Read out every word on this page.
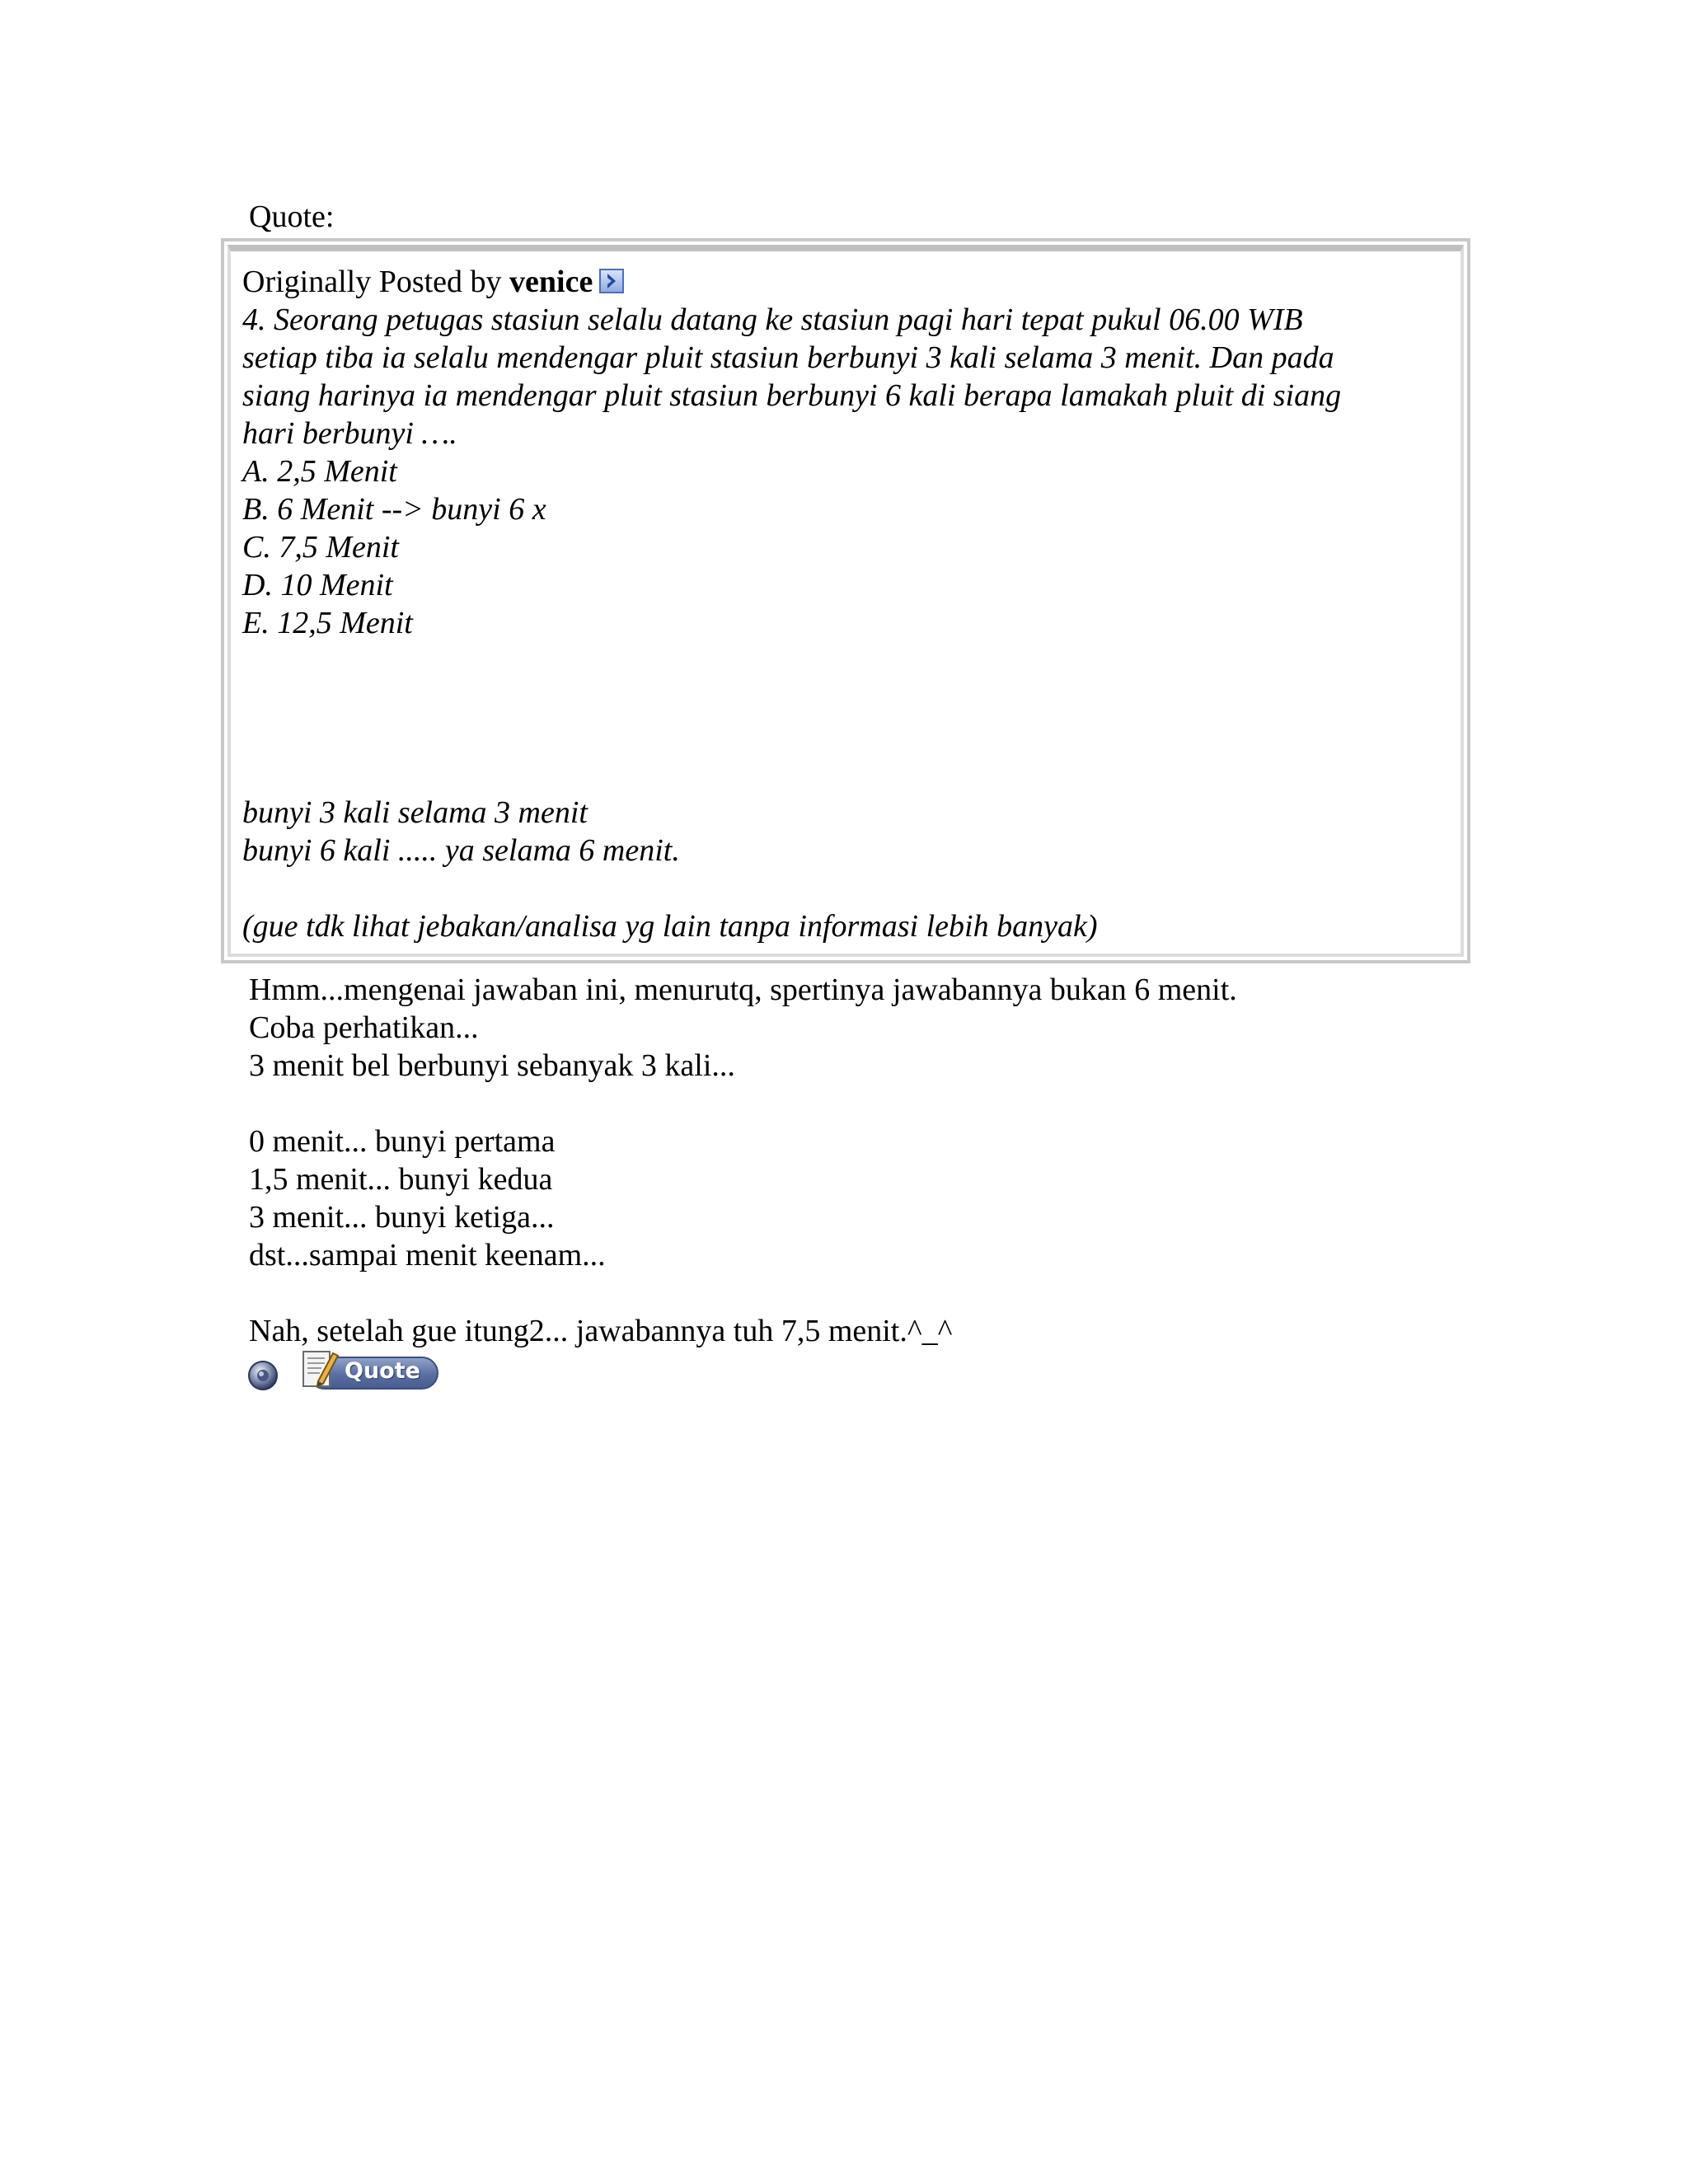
Quote:
Originally Posted by venice
4. Seorang petugas stasiun selalu datang ke stasiun pagi hari tepat pukul 06.00 WIB
setiap tiba ia selalu mendengar pluit stasiun berbunyi 3 kali selama 3 menit. Dan pada
siang harinya ia mendengar pluit stasiun berbunyi 6 kali berapa lamakah pluit di siang
hari berbunyi ….
A. 2,5 Menit
B. 6 Menit --> bunyi 6 x
C. 7,5 Menit
D. 10 Menit
E. 12,5 Menit
bunyi 3 kali selama 3 menit
bunyi 6 kali ..... ya selama 6 menit.
(gue tdk lihat jebakan/analisa yg lain tanpa informasi lebih banyak)
Hmm...mengenai jawaban ini, menurutq, spertinya jawabannya bukan 6 menit.
Coba perhatikan...
3 menit bel berbunyi sebanyak 3 kali...
0 menit... bunyi pertama
1,5 menit... bunyi kedua
3 menit... bunyi ketiga...
dst...sampai menit keenam...
Nah, setelah gue itung2... jawabannya tuh 7,5 menit.^_^
Quote
